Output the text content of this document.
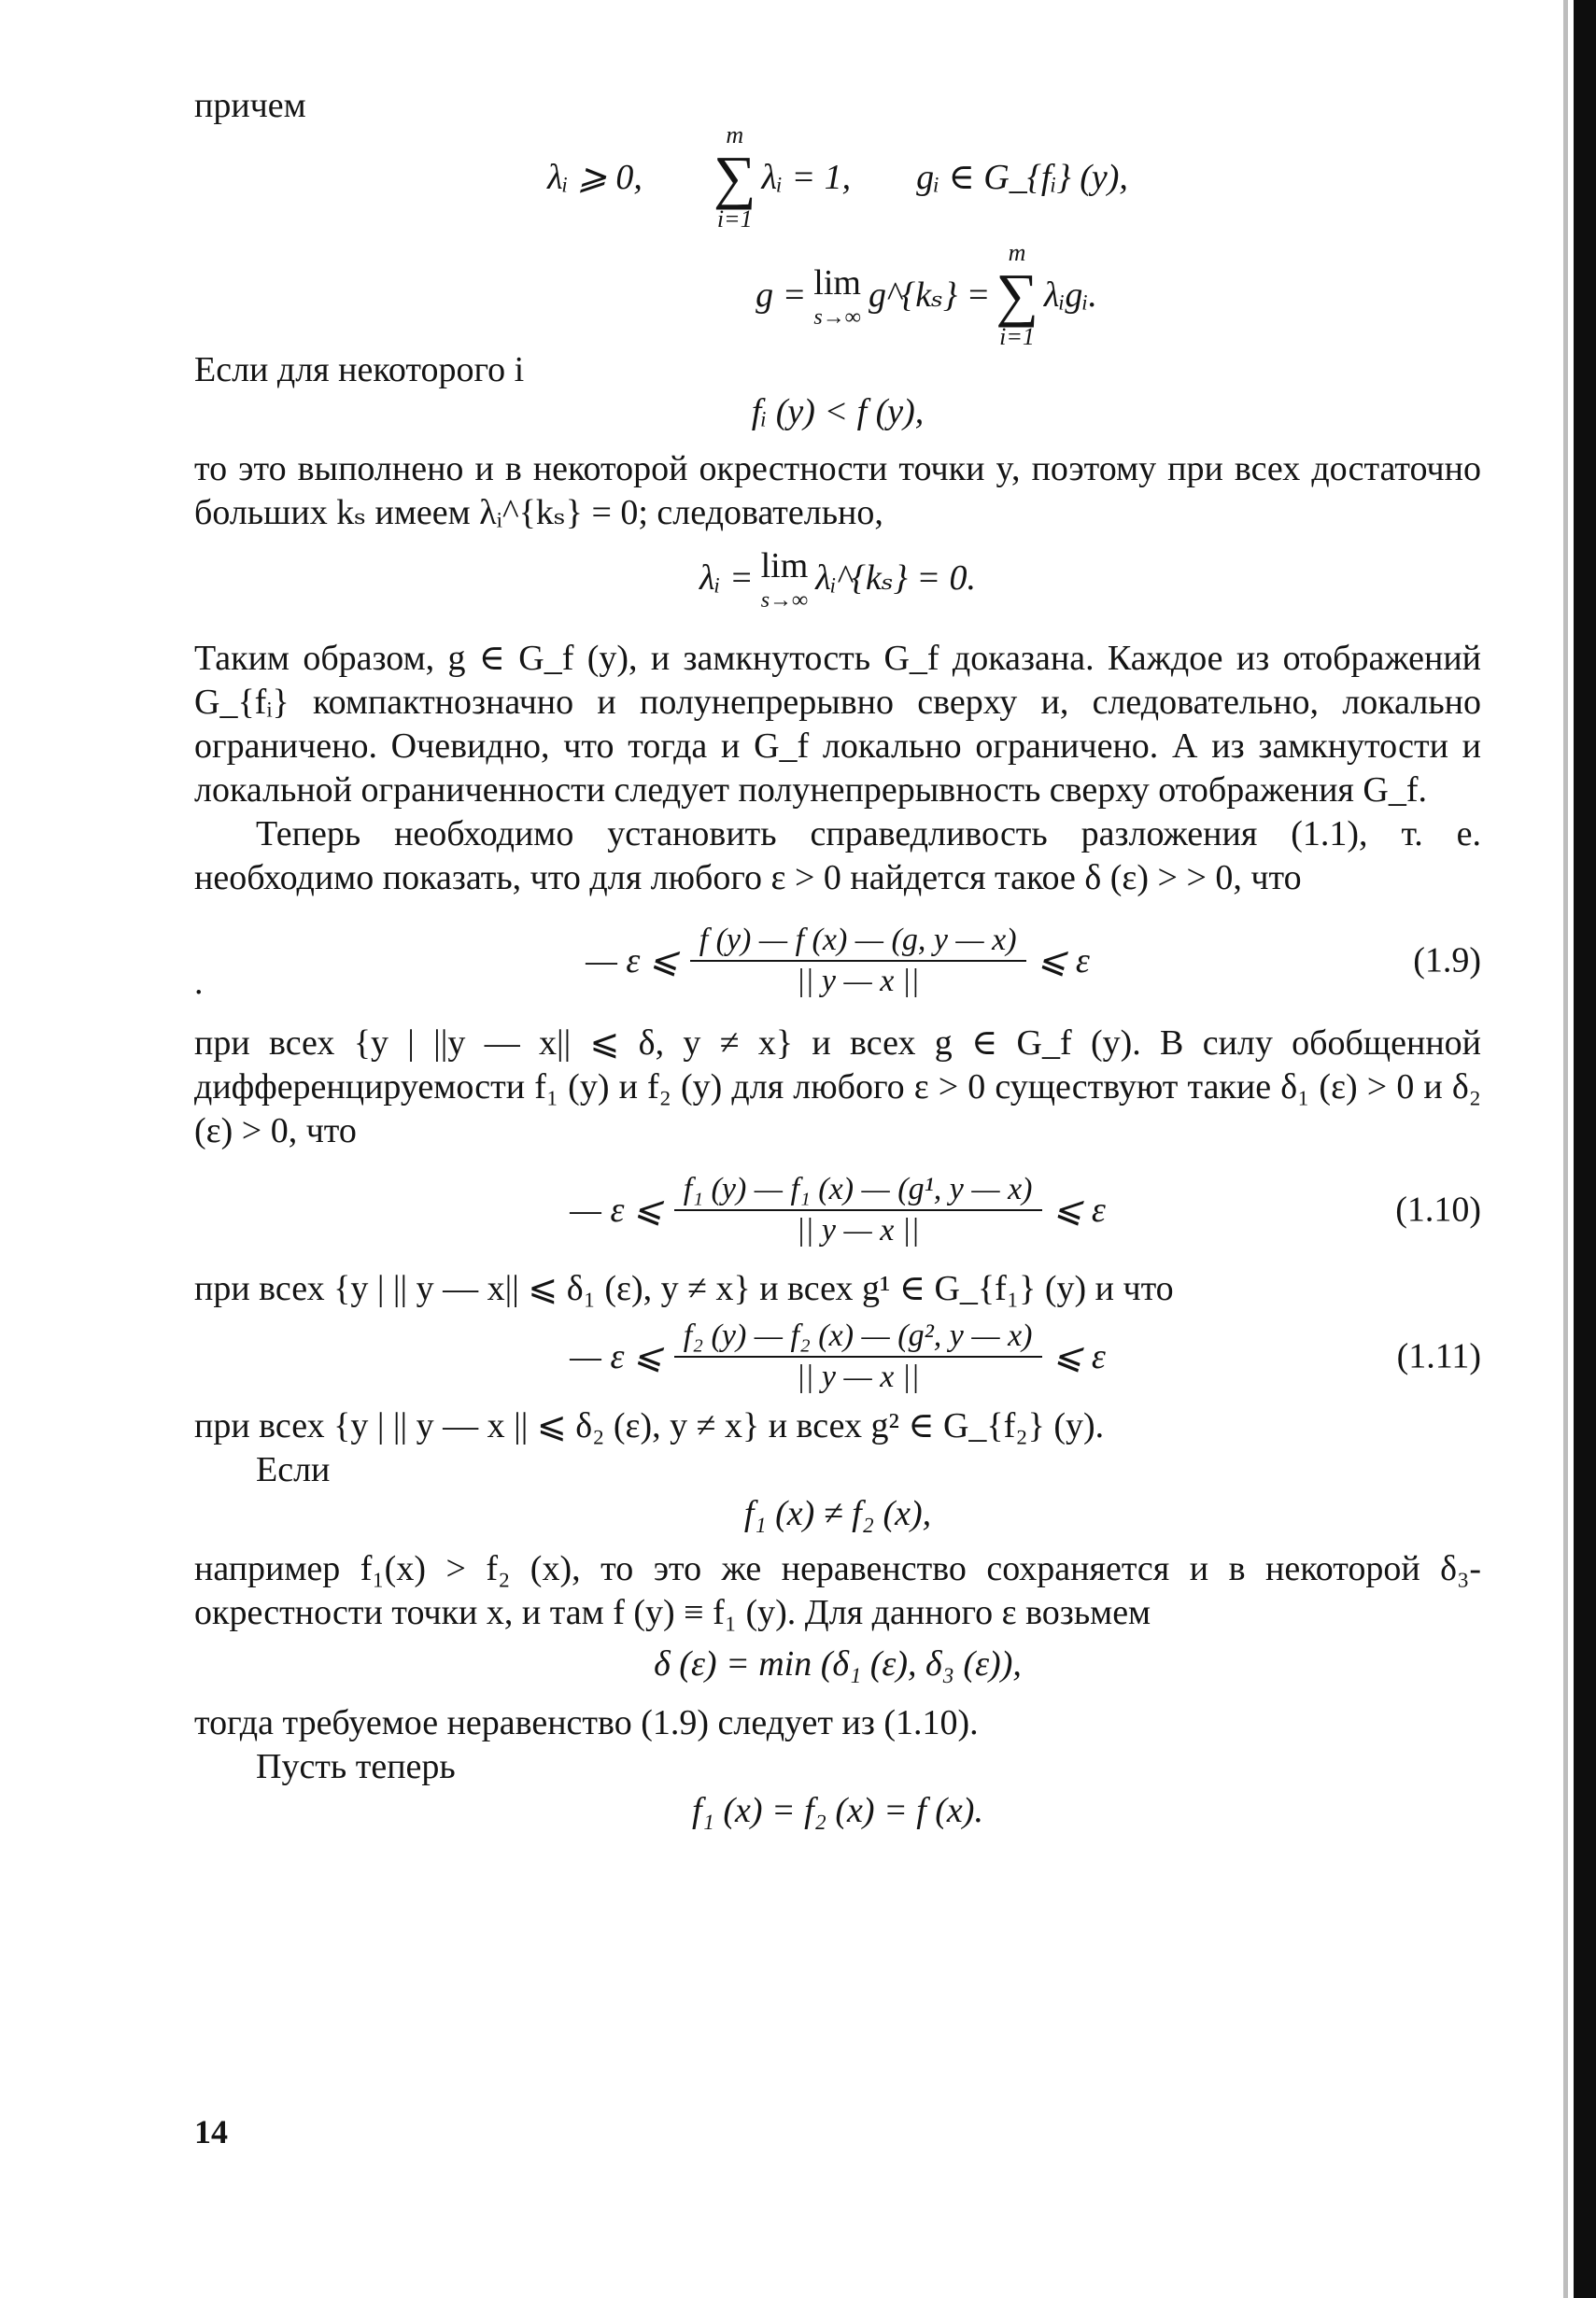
причем

λᵢ ⩾ 0,
m
∑
i=1
λᵢ = 1, gᵢ ∈ G_{fᵢ} (y),
g = lim
s→∞
g^{kₛ} =
m
∑
i=1
λᵢgᵢ.

Если для некоторого i

fᵢ (y) < f (y),

то это выполнено и в некоторой окрестности точки y, поэтому при всех достаточно больших kₛ имеем λᵢ^{kₛ} = 0; следовательно,

λᵢ = lim
s→∞
λᵢ^{kₛ} = 0.

Таким образом, g ∈ G_f (y), и замкнутость G_f доказана. Каждое из отображений G_{fᵢ} компактнозначно и полунепрерывно сверху и, следовательно, локально ограничено. Очевидно, что тогда и G_f локально ограничено. А из замкнутости и локальной ограниченности следует полунепрерывность сверху отображения G_f.

Теперь необходимо установить справедливость разложения (1.1), т. е. необходимо показать, что для любого ε > 0 найдется такое δ (ε) > > 0, что

.
— ε ⩽ $\frac{f (y) — f (x) — (g, y — x)}{|| y — x ||}$ ⩽ ε	(1.9)

при всех {y | ||y — x|| ⩽ δ, y ≠ x} и всех g ∈ G_f (y). В силу обобщенной дифференцируемости f₁ (y) и f₂ (y) для любого ε > 0 существуют такие δ₁ (ε) > 0 и δ₂ (ε) > 0, что

— ε ⩽ $\frac{\text{f₁ (y) — f₁ (x) — (g¹, y — x)}}{|| y — x ||}$ ⩽ ε	(1.10)

при всех {y | || y — x|| ⩽ δ₁ (ε), y ≠ x} и всех g¹ ∈ G_{f₁} (y) и что

— ε ⩽ $\frac{\text{f₂ (y) — f₂ (x) — (g², y — x)}}{|| y — x ||}$ ⩽ ε	(1.11)

при всех {y | || y — x || ⩽ δ₂ (ε), y ≠ x} и всех g² ∈ G_{f₂} (y).

Если

f₁ (x) ≠ f₂ (x),

например f₁(x) > f₂ (x), то это же неравенство сохраняется и в некоторой δ₃-окрестности точки x, и там f (y) ≡ f₁ (y). Для данного ε возьмем

δ (ε) = min (δ₁ (ε), δ₃ (ε)),

тогда требуемое неравенство (1.9) следует из (1.10).

Пусть теперь

f₁ (x) = f₂ (x) = f (x).
14
